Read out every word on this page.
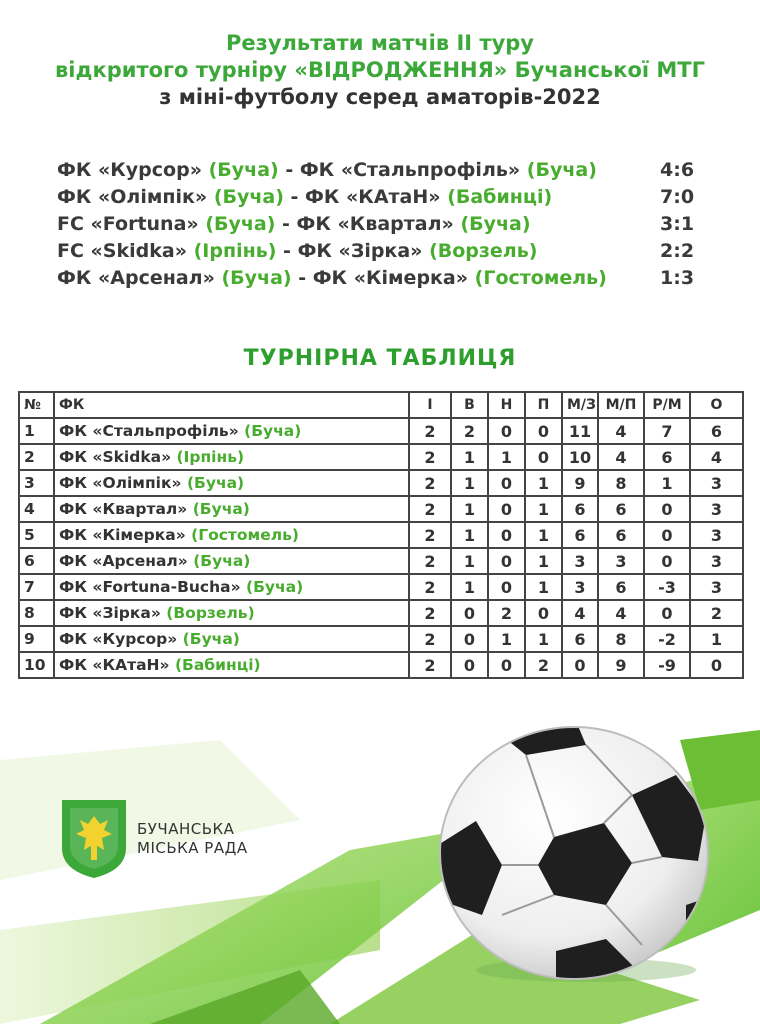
Результати матчів ІІ туру
відкритого турніру «ВІДРОДЖЕННЯ» Бучанської МТГ
з міні-футболу серед аматорів-2022
ФК «Курсор» (Буча) - ФК «Стальпрофіль» (Буча)	4:6
ФК «Олімпік» (Буча) - ФК «КАтаН» (Бабинці)	7:0
FC «Fortuna» (Буча) - ФК «Квартал» (Буча)	3:1
FC «Skidka» (Ірпінь) - ФК «Зірка» (Ворзель)	2:2
ФК «Арсенал» (Буча) - ФК «Кімерка» (Гостомель)	1:3
ТУРНІРНА ТАБЛИЦЯ
№	ФК	І	В	Н	П	М/З	М/П	Р/М	О
1	ФК «Стальпрофіль» (Буча)	2	2	0	0	11	4	7	6
2	ФК «Skidka» (Ірпінь)	2	1	1	0	10	4	6	4
3	ФК «Олімпік» (Буча)	2	1	0	1	9	8	1	3
4	ФК «Квартал» (Буча)	2	1	0	1	6	6	0	3
5	ФК «Кімерка» (Гостомель)	2	1	0	1	6	6	0	3
6	ФК «Арсенал» (Буча)	2	1	0	1	3	3	0	3
7	ФК «Fortuna-Bucha» (Буча)	2	1	0	1	3	6	-3	3
8	ФК «Зірка» (Ворзель)	2	0	2	0	4	4	0	2
9	ФК «Курсор» (Буча)	2	0	1	1	6	8	-2	1
10	ФК «КАтаН» (Бабинці)	2	0	0	2	0	9	-9	0
БУЧАНСЬКА
МІСЬКА РАДА
